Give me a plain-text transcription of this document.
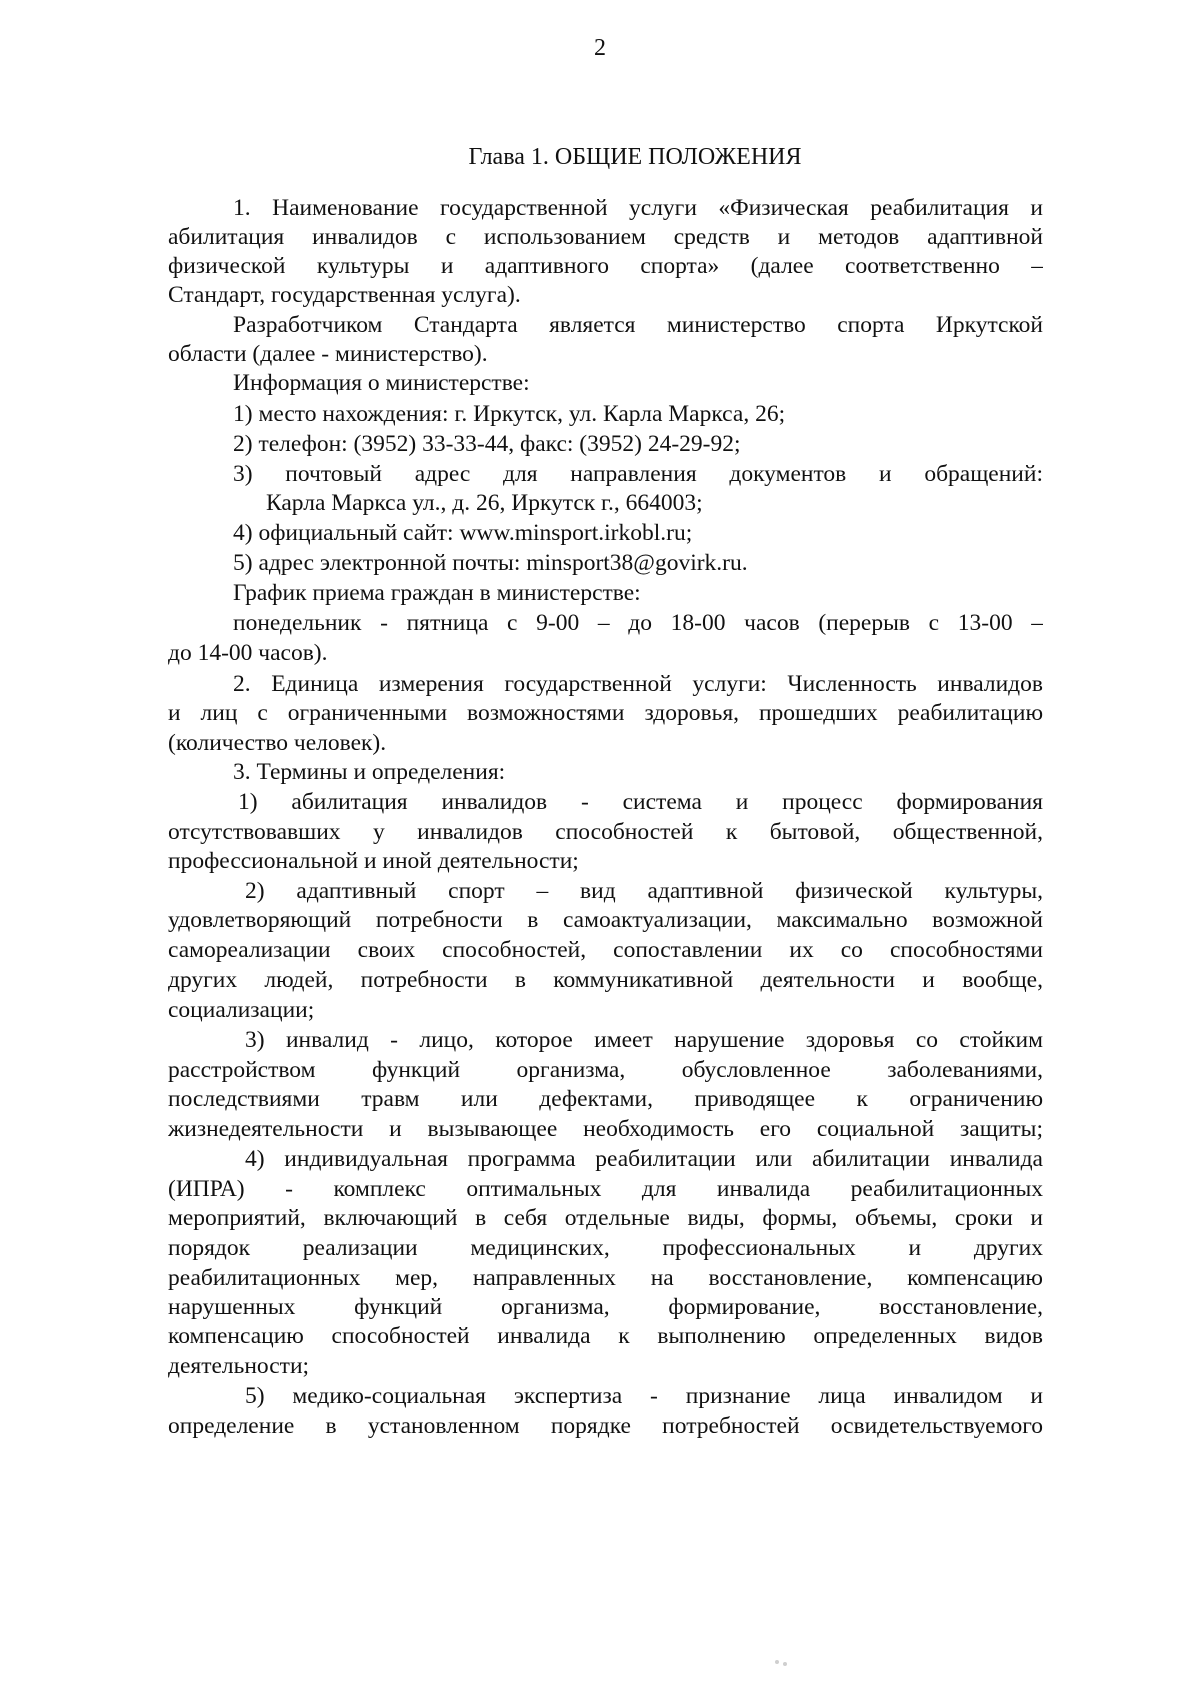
2
Глава 1. ОБЩИЕ ПОЛОЖЕНИЯ
1. Наименование государственной услуги «Физическая реабилитация и
абилитация инвалидов с использованием средств и методов адаптивной
физической культуры и адаптивного спорта» (далее соответственно –
Стандарт, государственная услуга).
Разработчиком Стандарта является министерство спорта Иркутской
области (далее - министерство).
Информация о министерстве:
1) место нахождения: г. Иркутск, ул. Карла Маркса, 26;
2) телефон: (3952) 33-33-44, факс: (3952) 24-29-92;
3) почтовый адрес для направления документов и обращений:
Карла Маркса ул., д. 26, Иркутск г., 664003;
4) официальный сайт: www.minsport.irkobl.ru;
5) адрес электронной почты: minsport38@govirk.ru.
График приема граждан в министерстве:
понедельник - пятница с 9-00 – до 18-00 часов (перерыв с 13-00 –
до 14-00 часов).
2. Единица измерения государственной услуги: Численность инвалидов
и лиц с ограниченными возможностями здоровья, прошедших реабилитацию
(количество человек).
3. Термины и определения:
1) абилитация инвалидов - система и процесс формирования
отсутствовавших у инвалидов способностей к бытовой, общественной,
профессиональной и иной деятельности;
2) адаптивный спорт – вид адаптивной физической культуры,
удовлетворяющий потребности в самоактуализации, максимально возможной
самореализации своих способностей, сопоставлении их со способностями
других людей, потребности в коммуникативной деятельности и вообще,
социализации;
3) инвалид - лицо, которое имеет нарушение здоровья со стойким
расстройством функций организма, обусловленное заболеваниями,
последствиями травм или дефектами, приводящее к ограничению
жизнедеятельности и вызывающее необходимость его социальной защиты;
4) индивидуальная программа реабилитации или абилитации инвалида
(ИПРА) - комплекс оптимальных для инвалида реабилитационных
мероприятий, включающий в себя отдельные виды, формы, объемы, сроки и
порядок реализации медицинских, профессиональных и других
реабилитационных мер, направленных на восстановление, компенсацию
нарушенных функций организма, формирование, восстановление,
компенсацию способностей инвалида к выполнению определенных видов
деятельности;
5) медико-социальная экспертиза - признание лица инвалидом и
определение в установленном порядке потребностей освидетельствуемого
